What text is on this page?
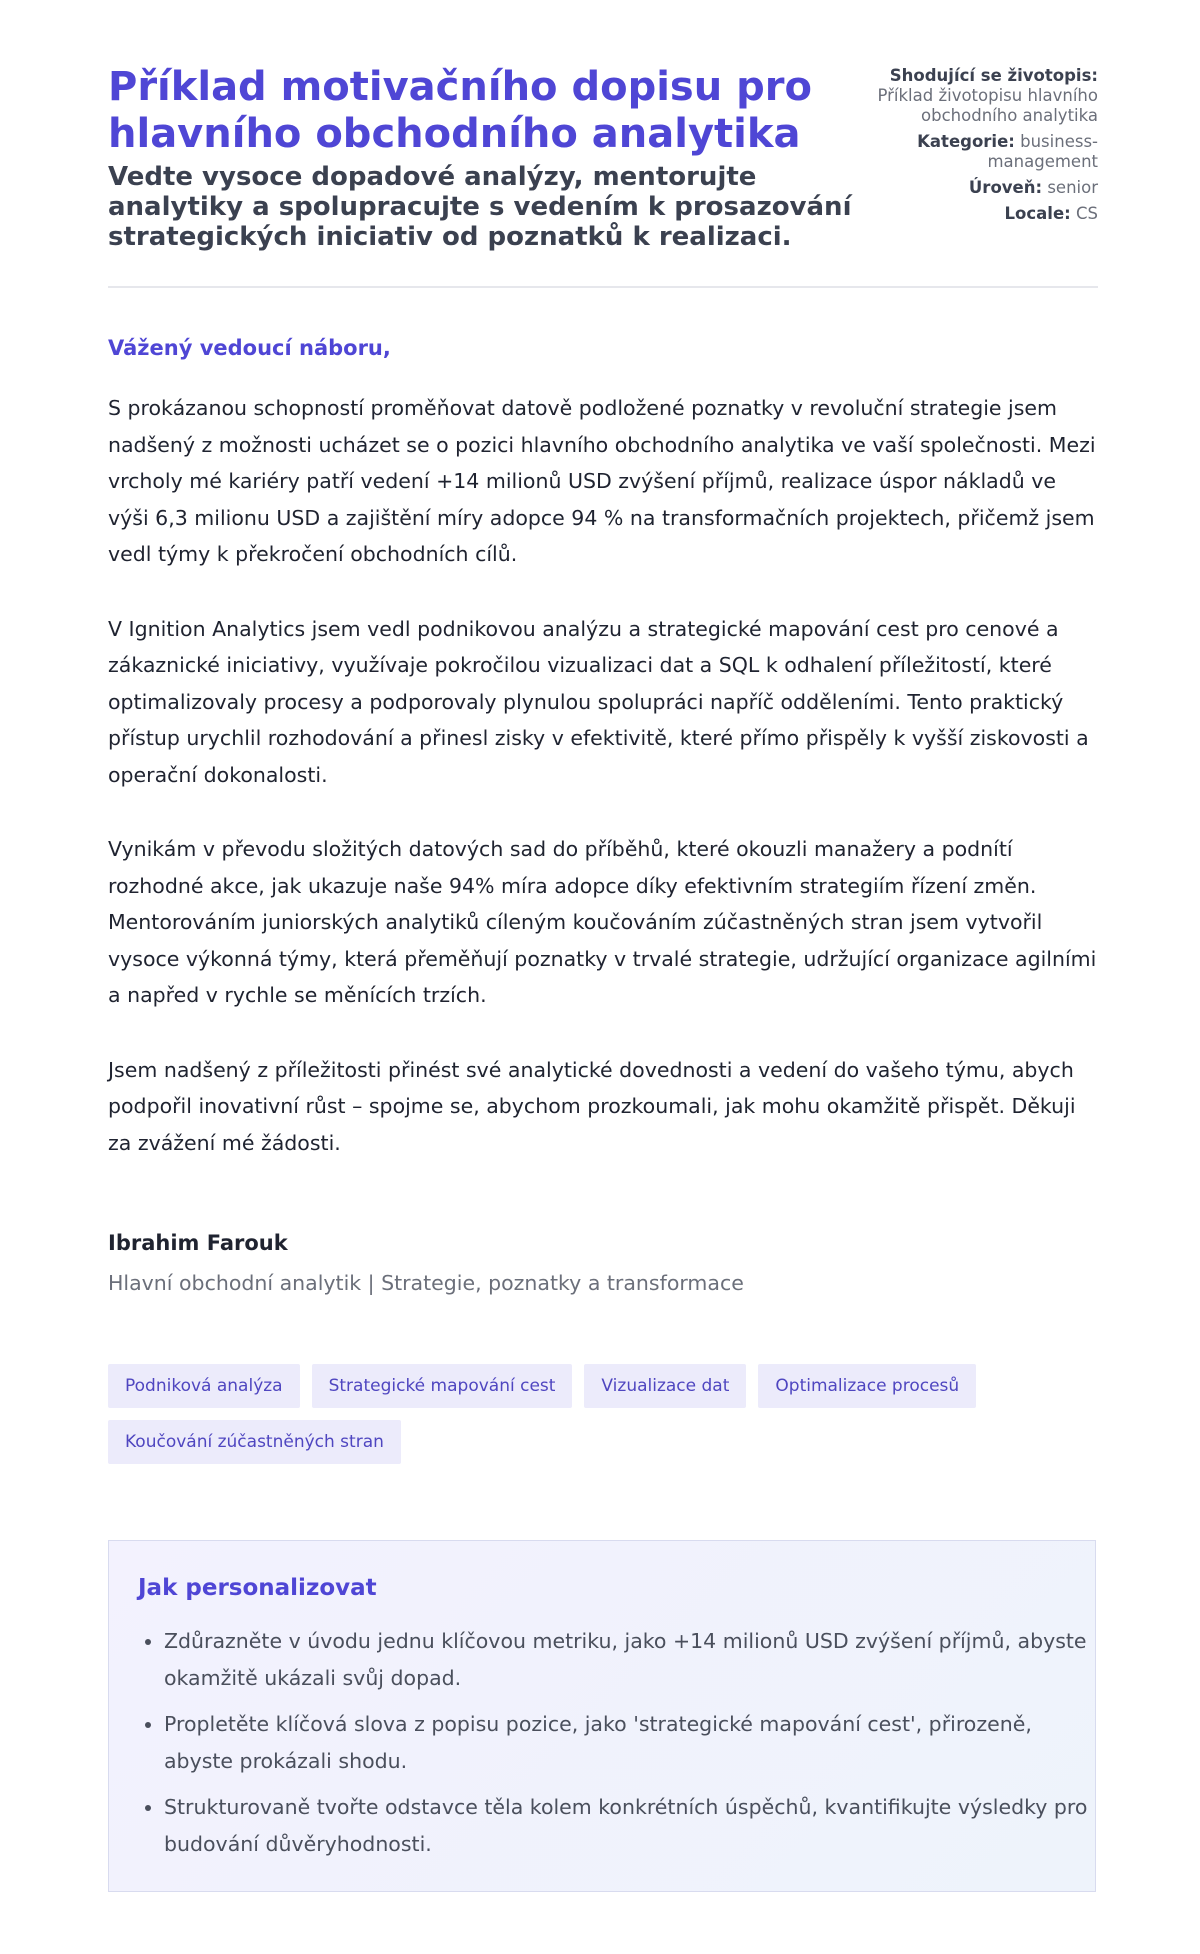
Příklad motivačního dopisu pro hlavního obchodního analytika

Vedte vysoce dopadové analýzy, mentorujte analytiky a spolupracujte s vedením k prosazování strategických iniciativ od poznatků k realizaci.

Shodující se životopis:
Příklad životopisu hlavního obchodního analytika
Kategorie: business-management
Úroveň: senior
Locale: CS

Vážený vedoucí náboru,

S prokázanou schopností proměňovat datově podložené poznatky v revoluční strategie jsem nadšený z možnosti ucházet se o pozici hlavního obchodního analytika ve vaší společnosti. Mezi vrcholy mé kariéry patří vedení +14 milionů USD zvýšení příjmů, realizace úspor nákladů ve výši 6,3 milionu USD a zajištění míry adopce 94 % na transformačních projektech, přičemž jsem vedl týmy k překročení obchodních cílů.

V Ignition Analytics jsem vedl podnikovou analýzu a strategické mapování cest pro cenové a zákaznické iniciativy, využívaje pokročilou vizualizaci dat a SQL k odhalení příležitostí, které optimalizovaly procesy a podporovaly plynulou spolupráci napříč odděleními. Tento praktický přístup urychlil rozhodování a přinesl zisky v efektivitě, které přímo přispěly k vyšší ziskovosti a operační dokonalosti.

Vynikám v převodu složitých datových sad do příběhů, které okouzli manažery a podnítí rozhodné akce, jak ukazuje naše 94% míra adopce díky efektivním strategiím řízení změn. Mentorováním juniorských analytiků cíleným koučováním zúčastněných stran jsem vytvořil vysoce výkonná týmy, která přeměňují poznatky v trvalé strategie, udržující organizace agilními a napřed v rychle se měnících trzích.

Jsem nadšený z příležitosti přinést své analytické dovednosti a vedení do vašeho týmu, abych podpořil inovativní růst – spojme se, abychom prozkoumali, jak mohu okamžitě přispět. Děkuji za zvážení mé žádosti.

Ibrahim Farouk

Hlavní obchodní analytik | Strategie, poznatky a transformace

Podniková analýza	Strategické mapování cest	Vizualizace dat	Optimalizace procesů
Koučování zúčastněných stran
Jak personalizovat
• Zdůrazněte v úvodu jednu klíčovou metriku, jako +14 milionů USD zvýšení příjmů, abyste okamžitě ukázali svůj dopad.
• Propletěte klíčová slova z popisu pozice, jako 'strategické mapování cest', přirozeně, abyste prokázali shodu.
• Strukturovaně tvořte odstavce těla kolem konkrétních úspěchů, kvantifikujte výsledky pro budování důvěryhodnosti.
